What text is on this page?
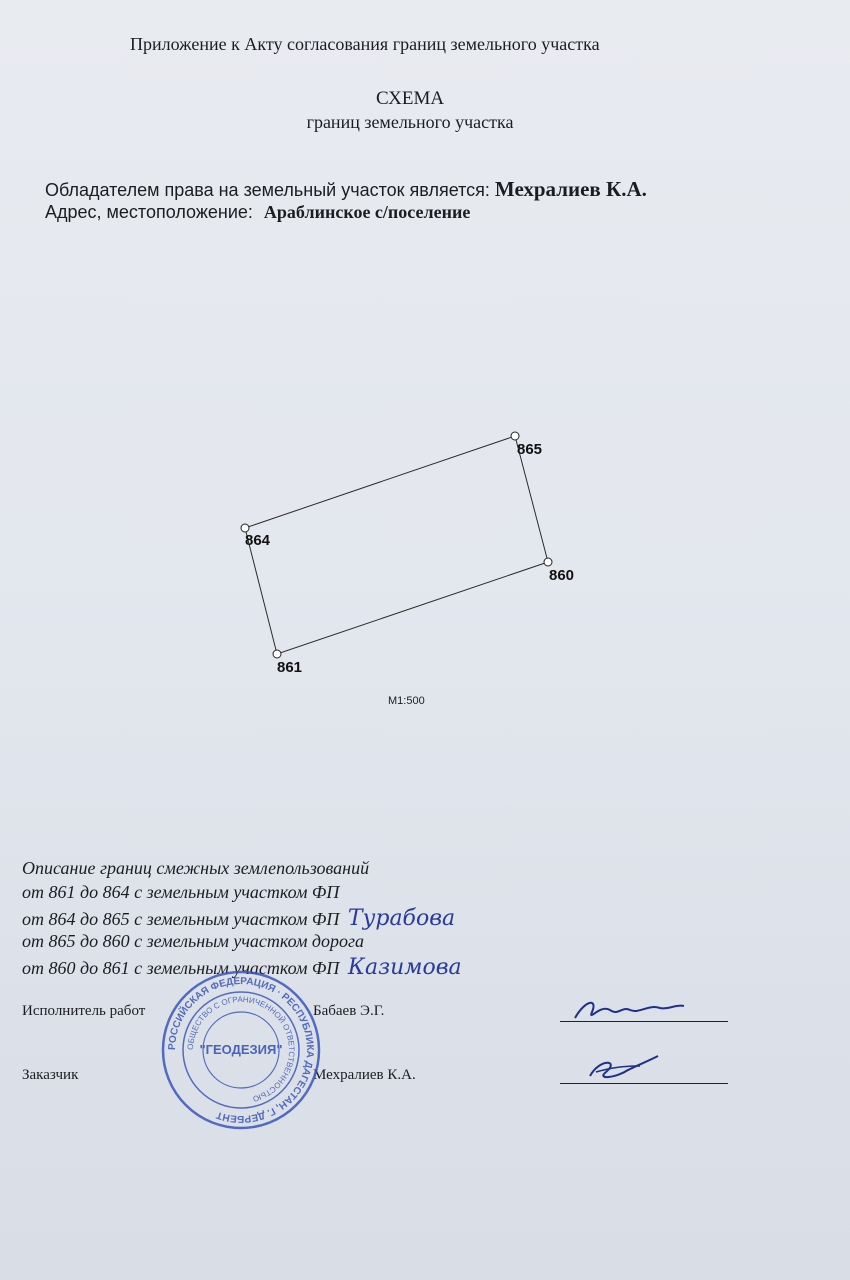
Приложение к Акту согласования границ земельного участка
СХЕМА
границ земельного участка
Обладателем права на земельный участок является: Мехралиев К.А.
Адрес, местоположение: Араблинское с/поселение
865
860
861
864
М1:500
Описание границ смежных землепользований
от 861 до 864 с земельным участком ФП
от 864 до 865 с земельным участком ФП Турабова
от 865 до 860 с земельным участком дорога
от 860 до 861 с земельным участком ФП Казимова
Исполнитель работ	Бабаев Э.Г.
Заказчик	Мехралиев К.А.
РОССИЙСКАЯ ФЕДЕРАЦИЯ · РЕСПУБЛИКА ДАГЕСТАН, Г. ДЕРБЕНТ
ОБЩЕСТВО С ОГРАНИЧЕННОЙ ОТВЕТСТВЕННОСТЬЮ
"ГЕОДЕЗИЯ"
